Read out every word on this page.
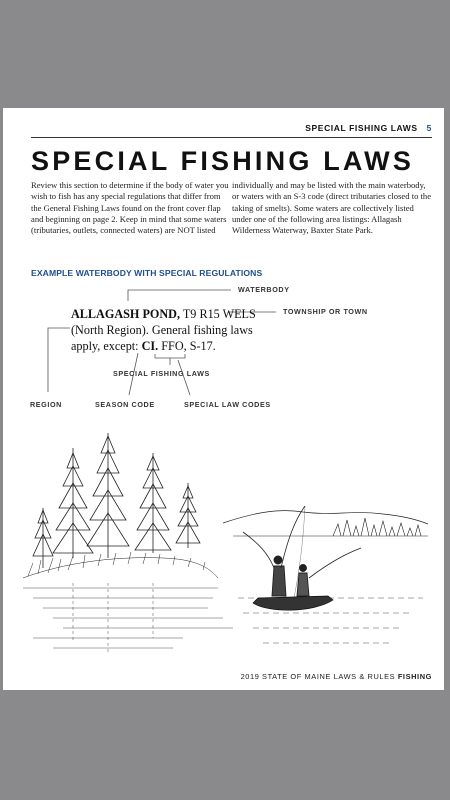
SPECIAL FISHING LAWS 5
SPECIAL FISHING LAWS
Review this section to determine if the body of water you wish to fish has any special regulations that differ from the General Fishing Laws found on the front cover flap and beginning on page 2. Keep in mind that some waters (tributaries, outlets, connected waters) are NOT listed
individually and may be listed with the main waterbody, or waters with an S-3 code (direct tributaries closed to the taking of smelts). Some waters are collectively listed under one of the following area listings: Allagash Wilderness Waterway, Baxter State Park.
EXAMPLE WATERBODY WITH SPECIAL REGULATIONS
WATERBODY
TOWNSHIP OR TOWN
SPECIAL FISHING LAWS
REGION	SEASON CODE	SPECIAL LAW CODES
ALLAGASH POND, T9 R15 WELS
(North Region). General fishing laws
apply, except: CI. FFO, S-17.
2019 STATE OF MAINE LAWS & RULES FISHING
